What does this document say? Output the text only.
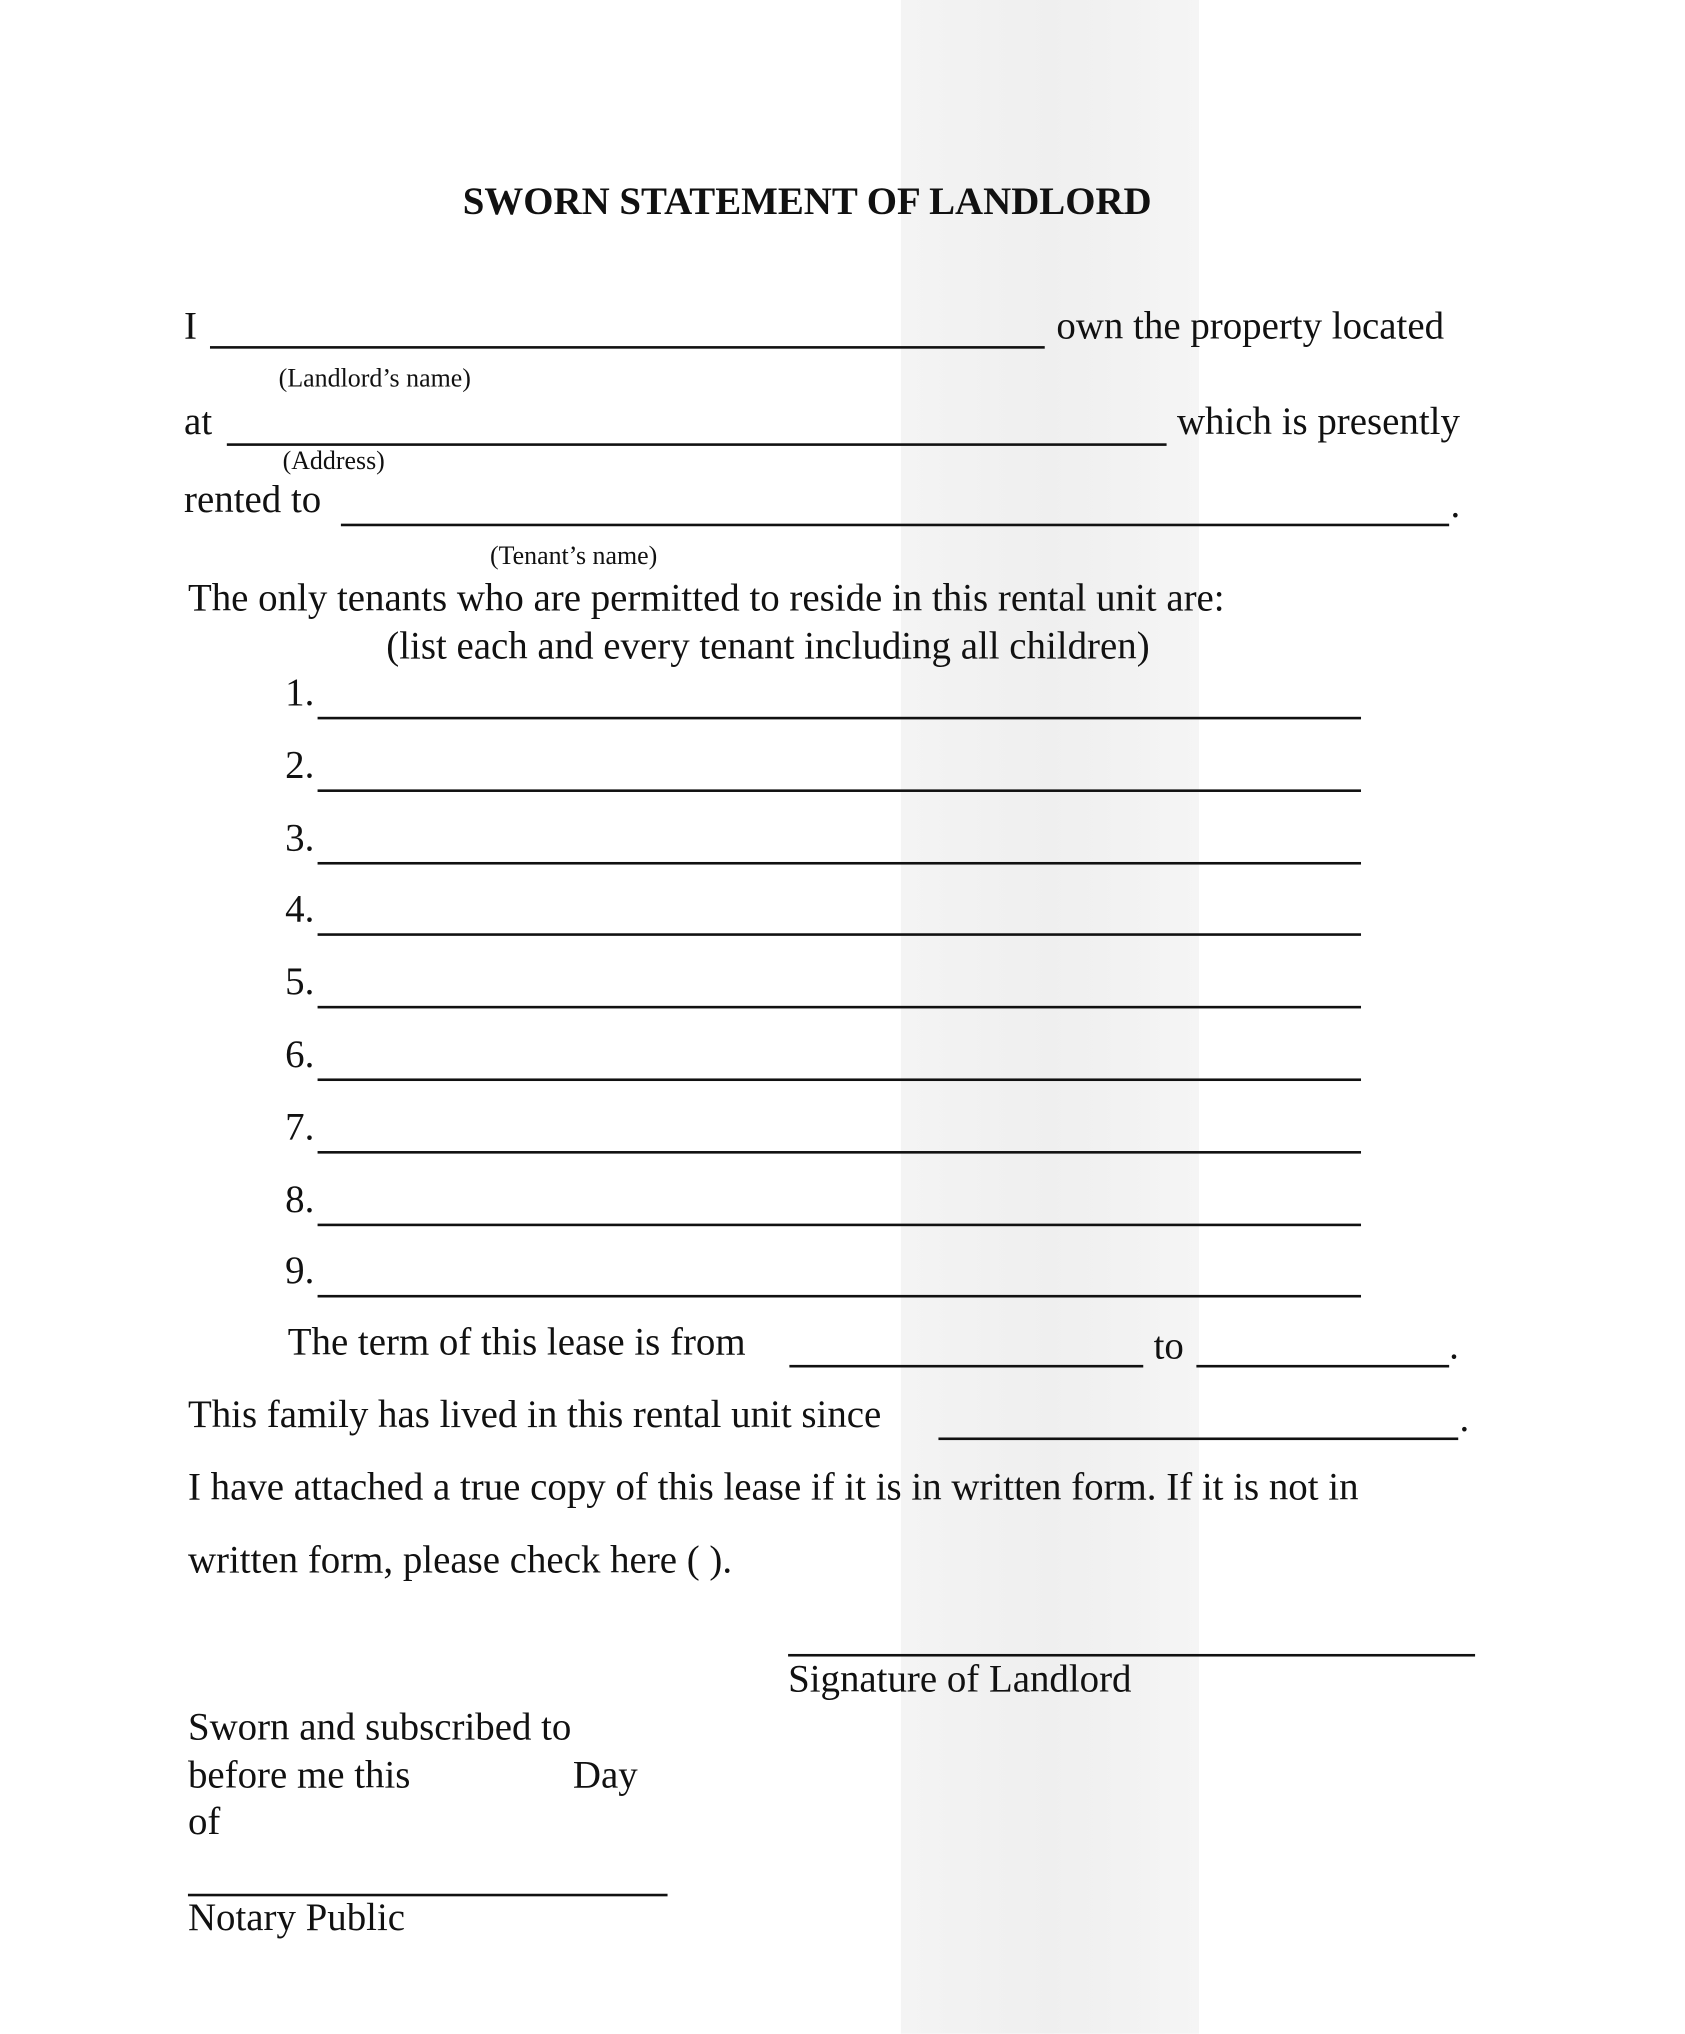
SWORN STATEMENT OF LANDLORD
I	own the property located
(Landlord’s name)
at	which is presently
(Address)
rented to	.
(Tenant’s name)
The only tenants who are permitted to reside in this rental unit are:
(list each and every tenant including all children)
1.
2.
3.
4.
5.
6.
7.
8.
9.
The term of this lease is from	to	.
This family has lived in this rental unit since	.
I have attached a true copy of this lease if it is in written form. If it is not in
written form, please check here ( ).
Signature of Landlord
Sworn and subscribed to
before me this	Day
of
Notary Public
